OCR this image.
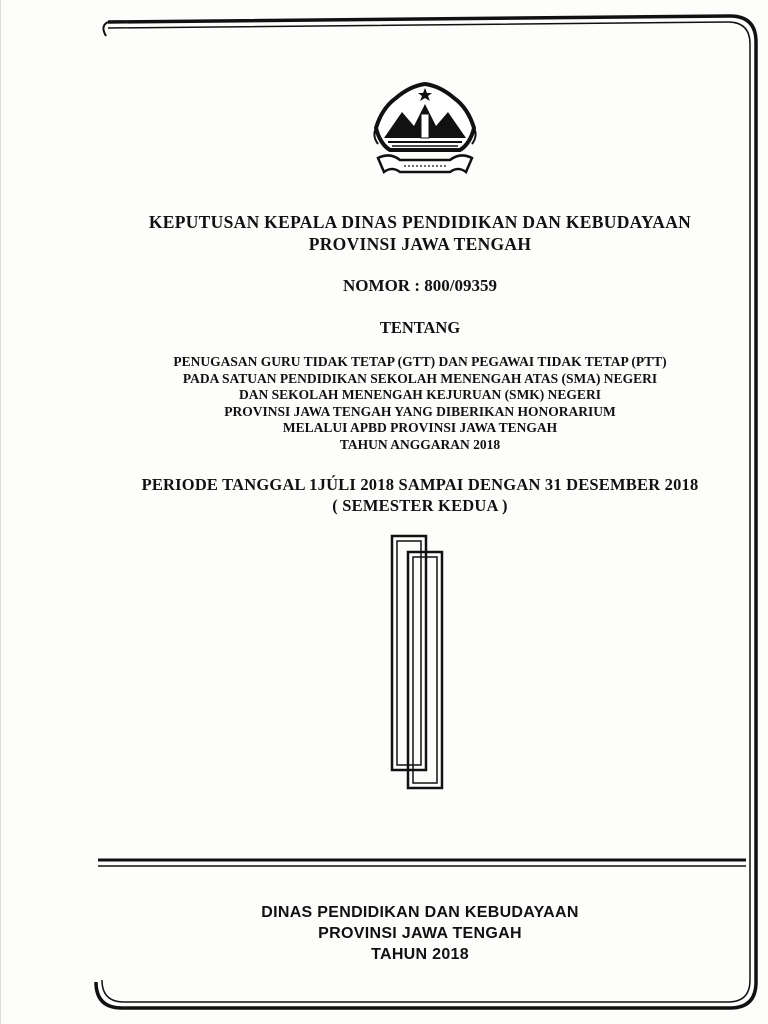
KEPUTUSAN KEPALA DINAS PENDIDIKAN DAN KEBUDAYAAN
PROVINSI JAWA TENGAH
NOMOR : 800/09359
TENTANG
PENUGASAN GURU TIDAK TETAP (GTT) DAN PEGAWAI TIDAK TETAP (PTT)
PADA SATUAN PENDIDIKAN SEKOLAH MENENGAH ATAS (SMA) NEGERI
DAN SEKOLAH MENENGAH KEJURUAN (SMK) NEGERI
PROVINSI JAWA TENGAH YANG DIBERIKAN HONORARIUM
MELALUI APBD PROVINSI JAWA TENGAH
TAHUN ANGGARAN 2018
PERIODE TANGGAL 1JÚLI 2018 SAMPAI DENGAN 31 DESEMBER 2018
( SEMESTER KEDUA )
DINAS PENDIDIKAN DAN KEBUDAYAAN
PROVINSI JAWA TENGAH
TAHUN 2018
